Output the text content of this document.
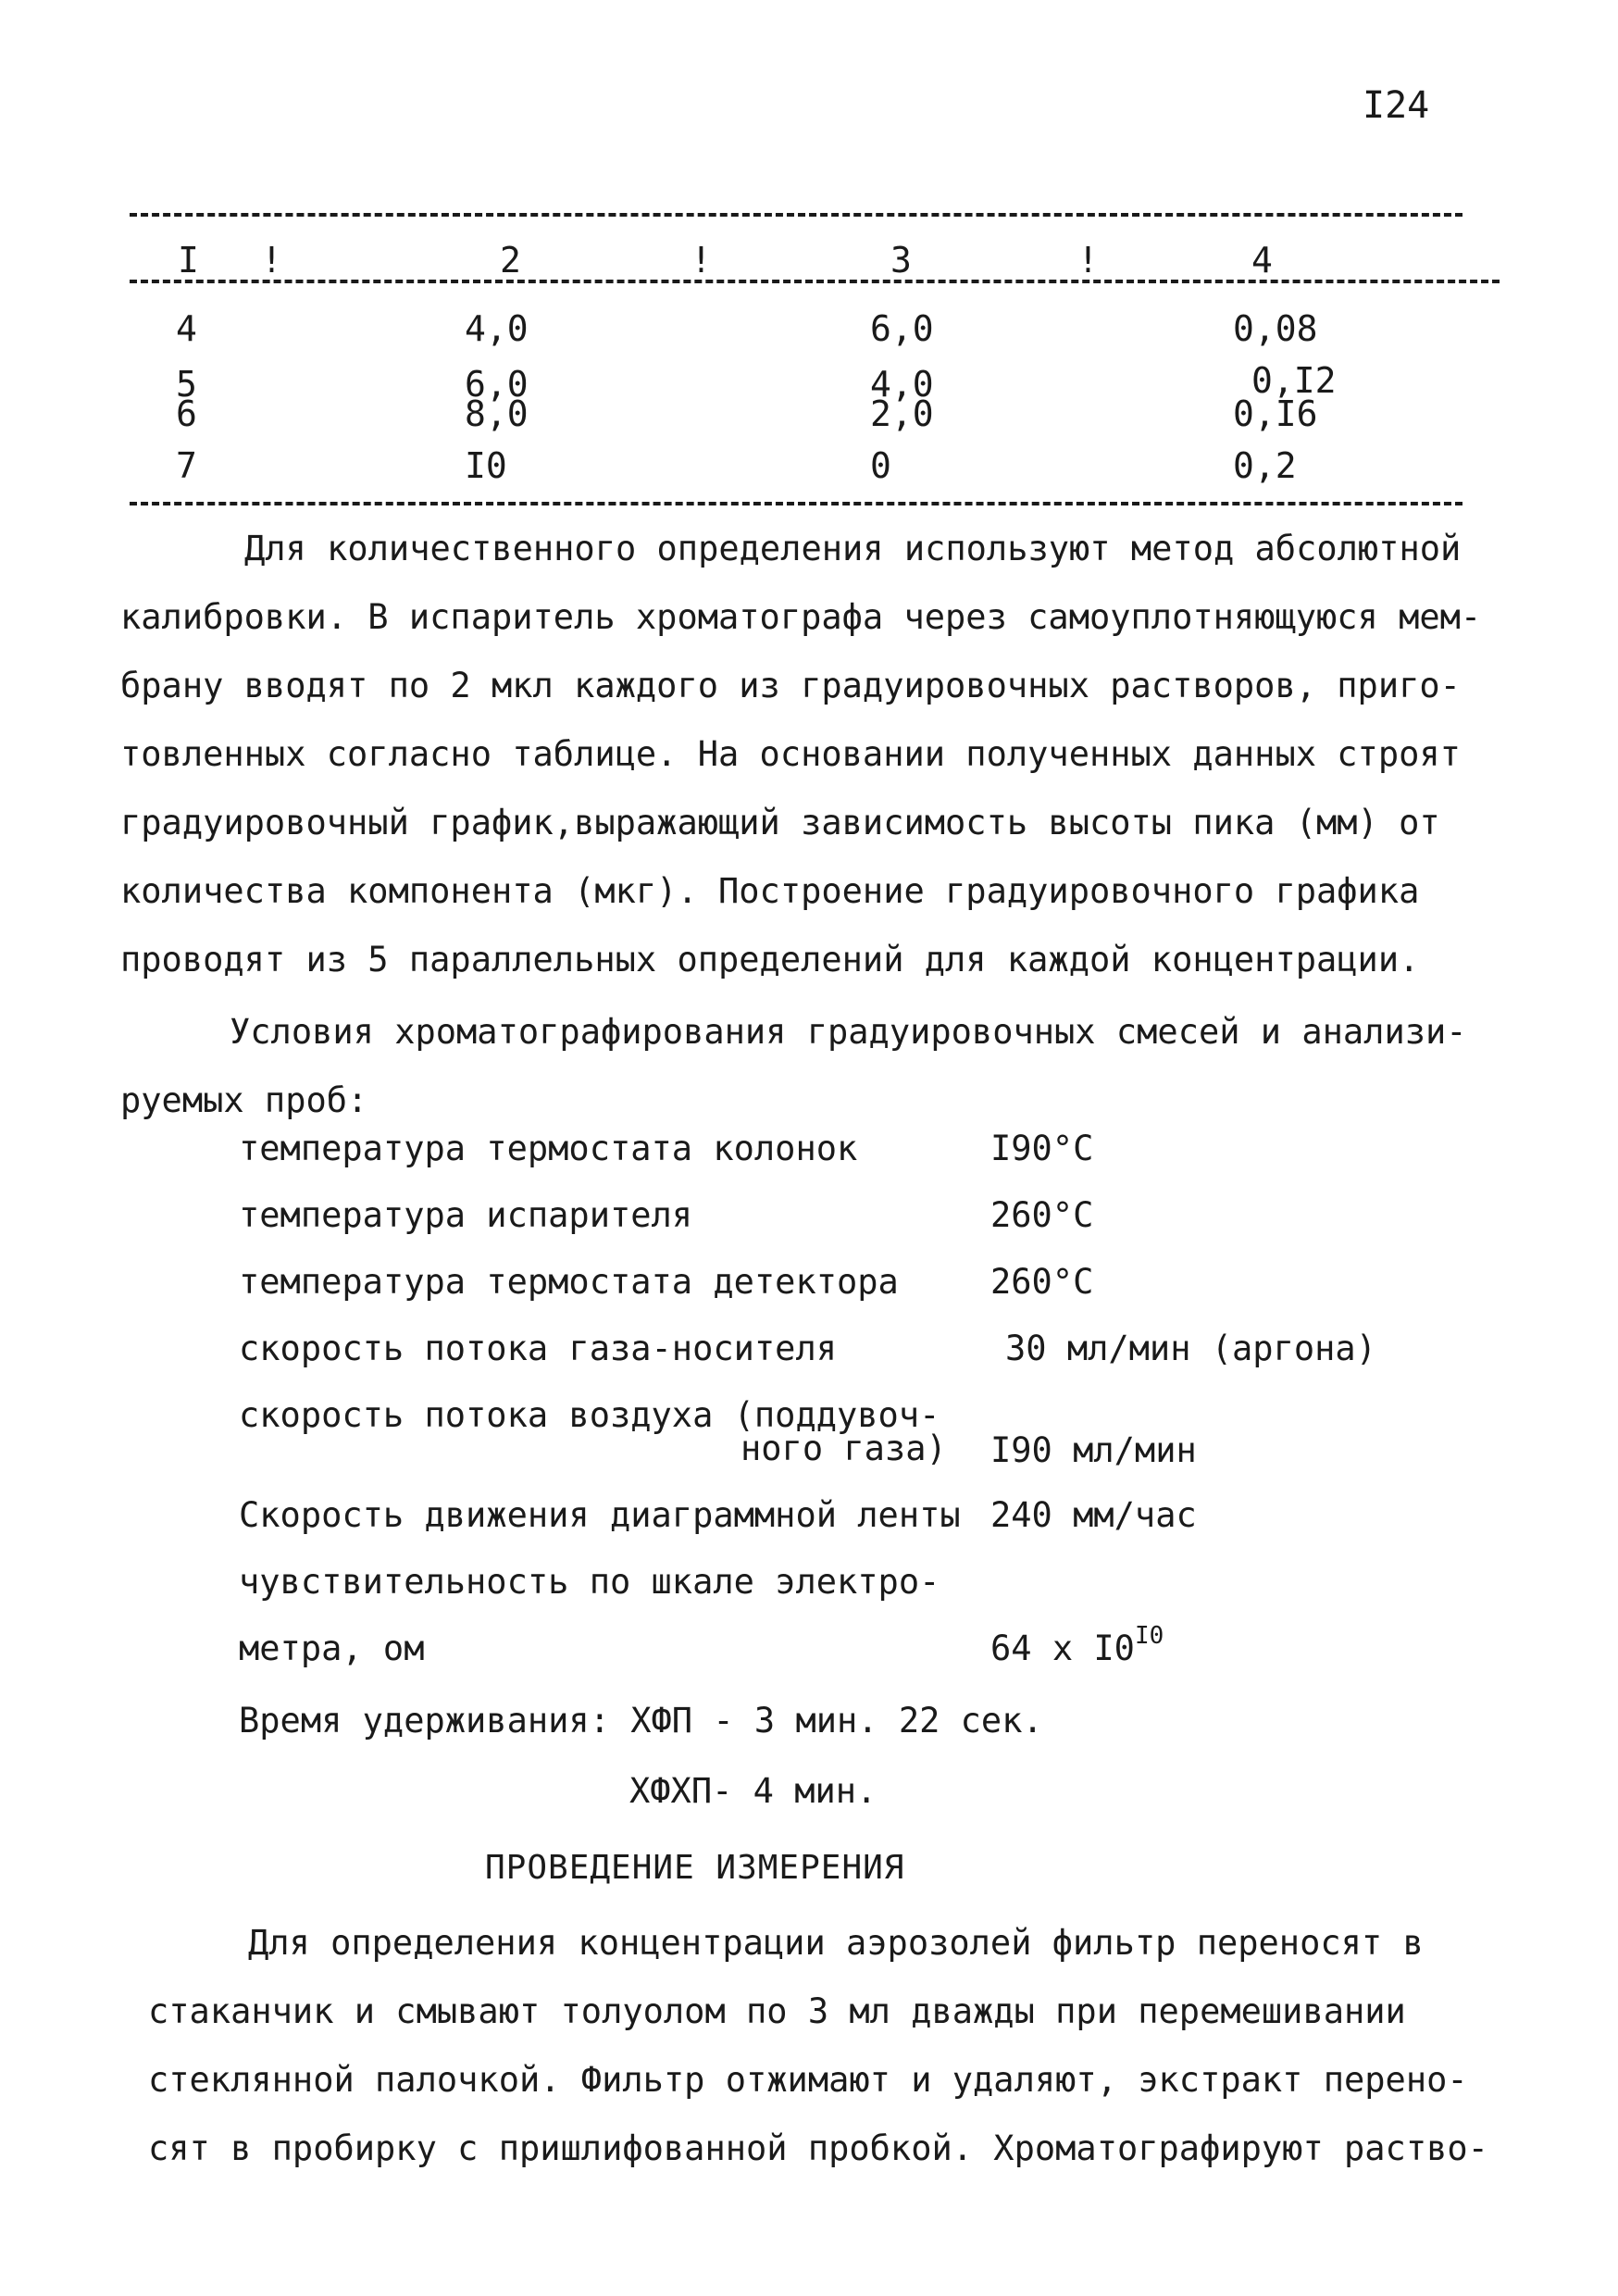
I24
I !	2	!	3	!	4
4	4,0	6,0	0,08
5	6,0	4,0	0,I2
6	8,0	2,0	0,I6
7	I0	0	0,2
Для количественного определения используют метод абсолютной
калибровки. В испаритель хроматографа через самоуплотняющуюся мем-
брану вводят по 2 мкл каждого из градуировочных растворов, приго-
товленных согласно таблице. На основании полученных данных строят
градуировочный график,выражающий зависимость высоты пика (мм) от
количества компонента (мкг). Построение градуировочного графика
проводят из 5 параллельных определений для каждой концентрации.
Условия хроматографирования градуировочных смесей и анализи-
руемых проб:
температура термостата колонок	I90°С
температура испарителя	260°С
температура термостата детектора	260°С
скорость потока газа-носителя	30 мл/мин (аргона)
скорость потока воздуха (поддувоч-
ного газа) I90 мл/мин
Скорость движения диаграммной ленты 240 мм/час
чувствительность по шкале электро-
метра, ом	64 x $I0^{I0}$
Время удерживания: ХФП - 3 мин. 22 сек.
ХФХП- 4 мин.
ПРОВЕДЕНИЕ ИЗМЕРЕНИЯ
Для определения концентрации аэрозолей фильтр переносят в
стаканчик и смывают толуолом по 3 мл дважды при перемешивании
стеклянной палочкой. Фильтр отжимают и удаляют, экстракт перено-
сят в пробирку с пришлифованной пробкой. Хроматографируют раство-
